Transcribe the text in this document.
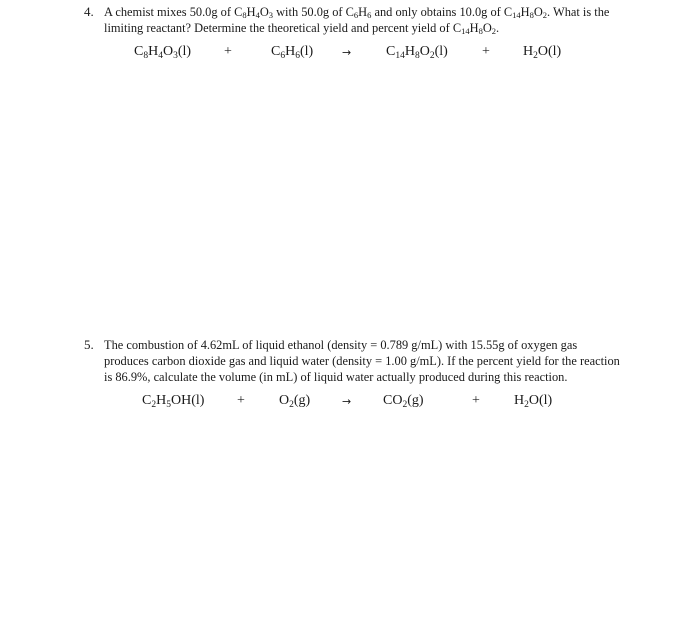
4. A chemist mixes 50.0g of $C_8H_4O_3$ with 50.0g of $C_6H_6$ and only obtains 10.0g of $C_{14}H_8O_2$. What is the limiting reactant? Determine the theoretical yield and percent yield of $C_{14}H_8O_2$.
$C_8H_4O_3(l)$ +	$C_6H_6(l)$	→ $C_{14}H_8O_2(l) + H_2O(l)$
5. The combustion of 4.62mL of liquid ethanol (density = 0.789 g/mL) with 15.55g of oxygen gas produces carbon dioxide gas and liquid water (density = 1.00 g/mL). If the percent yield for the reaction is 86.9%, calculate the volume (in mL) of liquid water actually produced during this reaction.
$C_2H_5OH(l) + O_2(g)$	→ $CO_2(g)$	+ $H_2O(l)$
